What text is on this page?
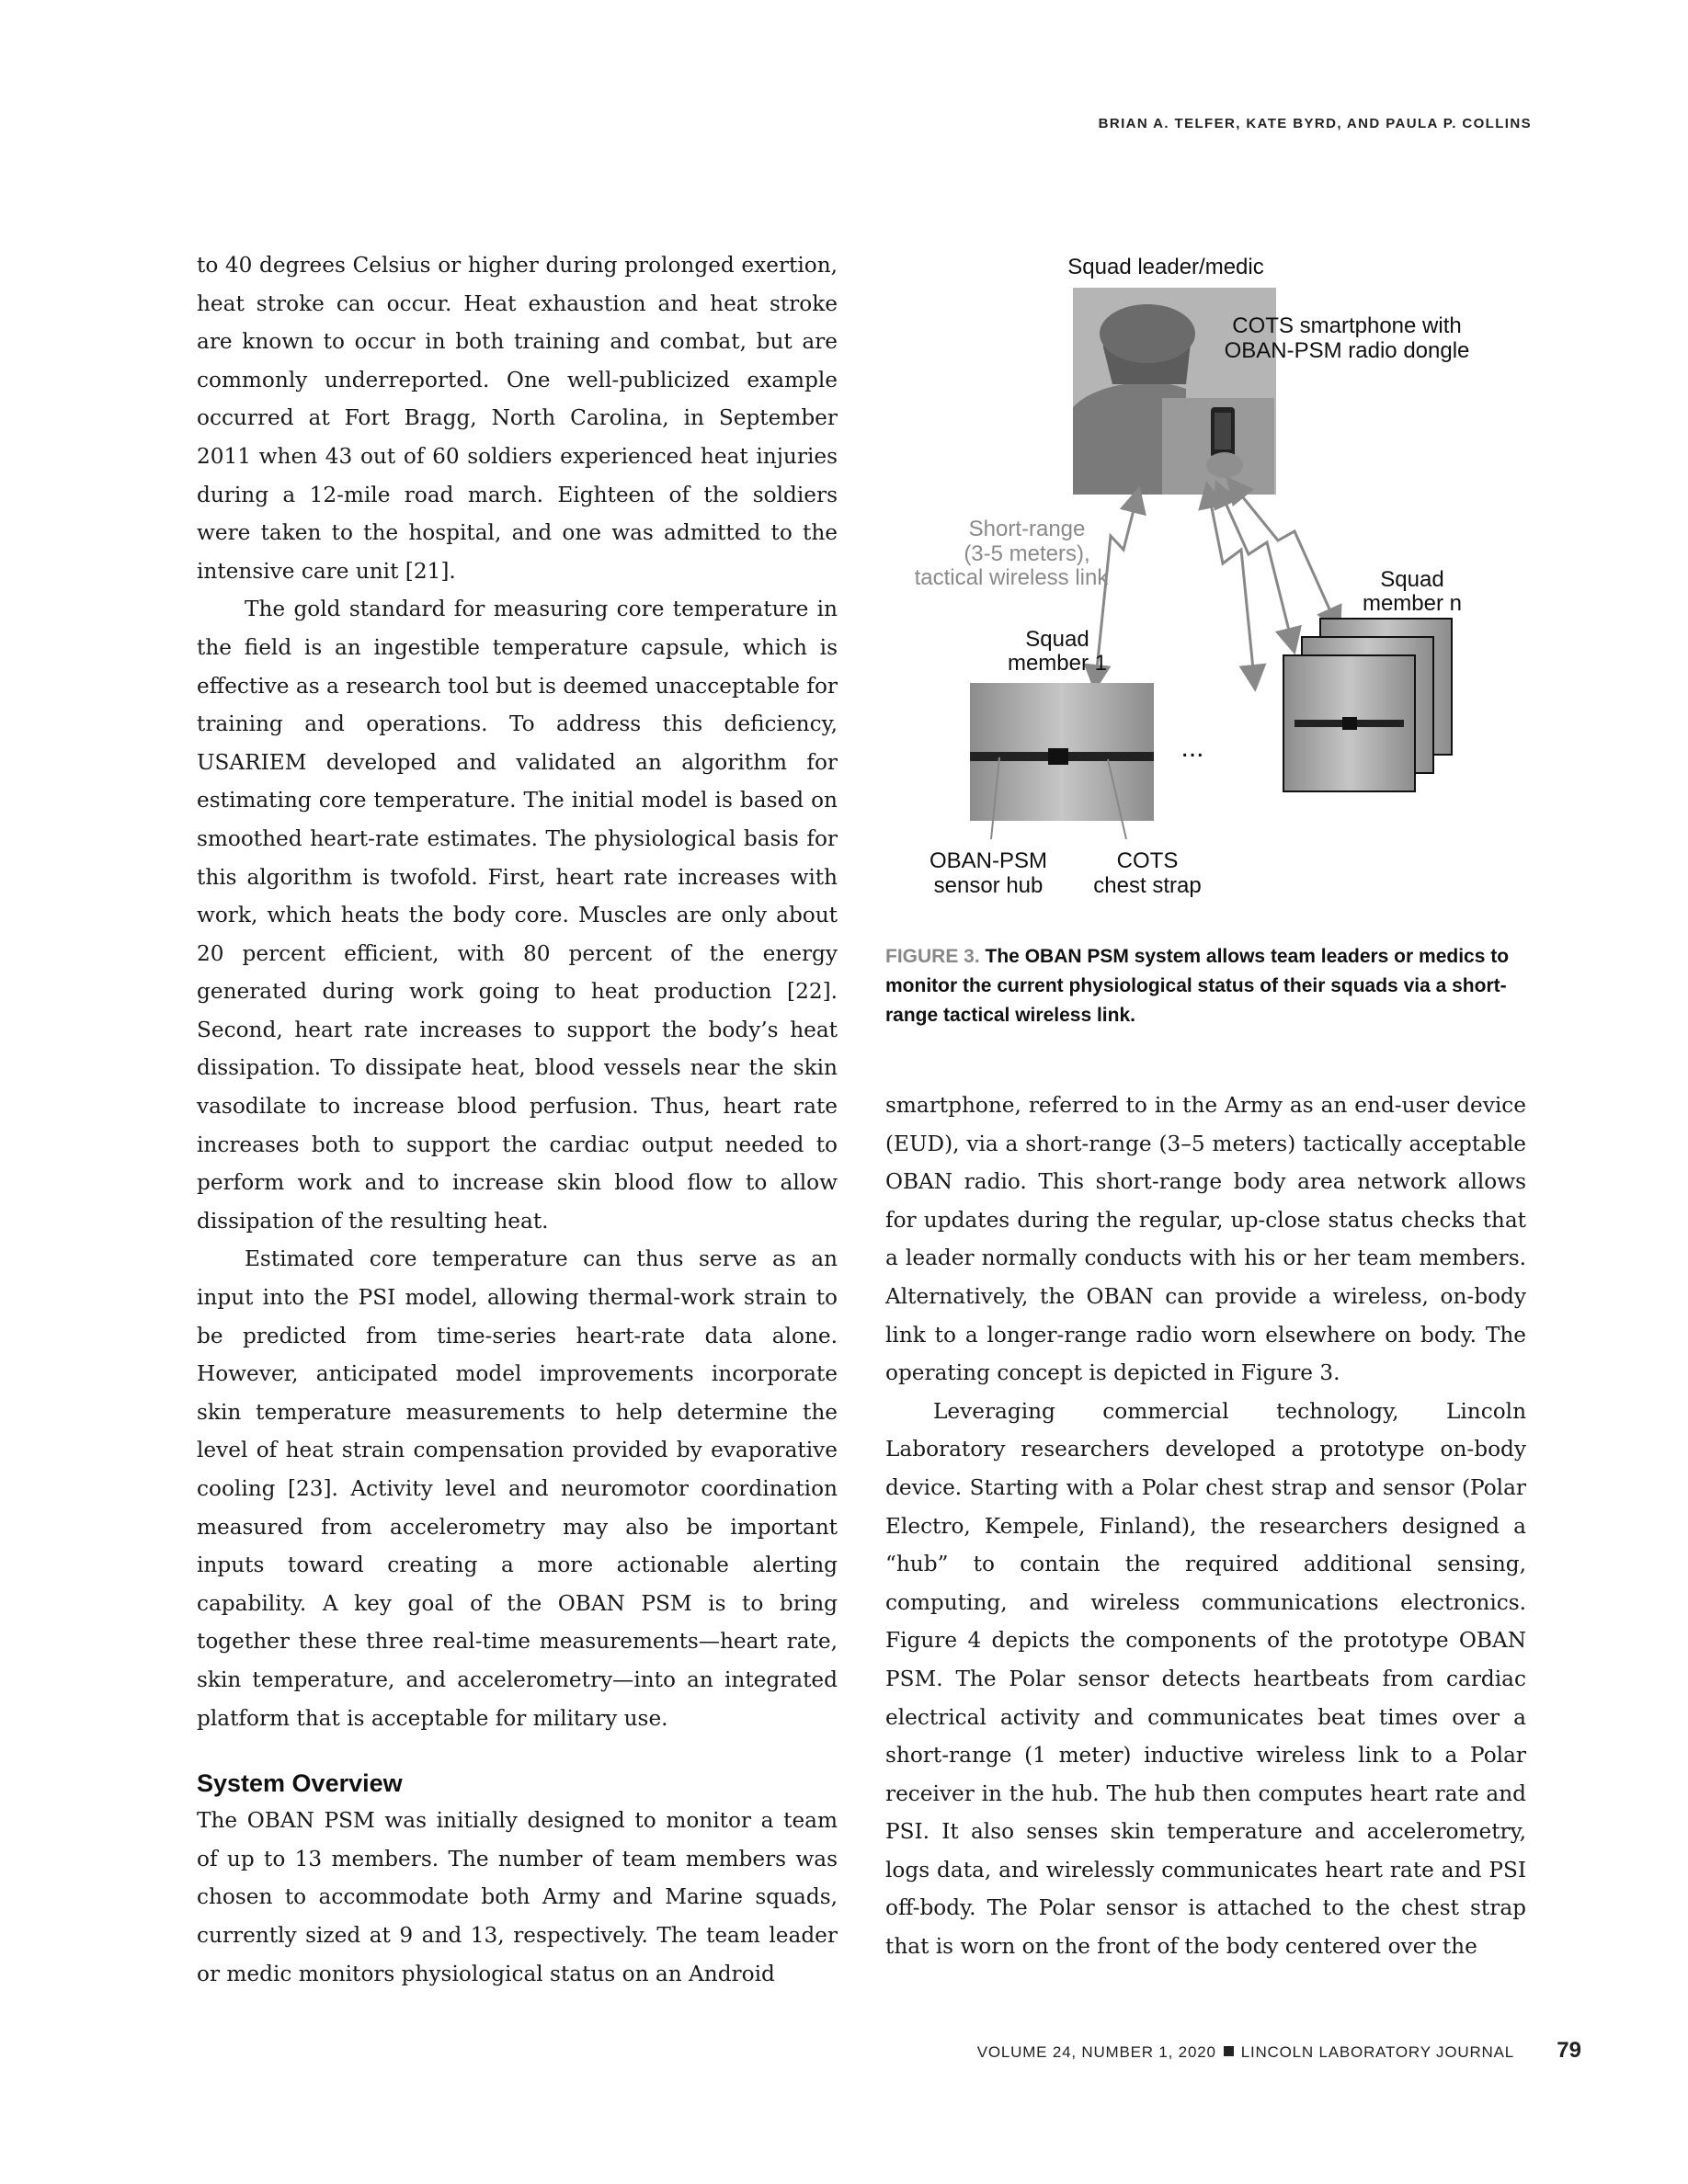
BRIAN A. TELFER, KATE BYRD, AND PAULA P. COLLINS

to 40 degrees Celsius or higher during prolonged exertion, heat stroke can occur. Heat exhaustion and heat stroke are known to occur in both training and combat, but are commonly underreported. One well-publicized example occurred at Fort Bragg, North Carolina, in September 2011 when 43 out of 60 soldiers experienced heat injuries during a 12-mile road march. Eighteen of the soldiers were taken to the hospital, and one was admitted to the intensive care unit [21].

The gold standard for measuring core temperature in the field is an ingestible temperature capsule, which is effective as a research tool but is deemed unacceptable for training and operations. To address this deficiency, USARIEM developed and validated an algorithm for estimating core temperature. The initial model is based on smoothed heart-rate estimates. The physiological basis for this algorithm is twofold. First, heart rate increases with work, which heats the body core. Muscles are only about 20 percent efficient, with 80 percent of the energy generated during work going to heat production [22]. Second, heart rate increases to support the body’s heat dissipation. To dissipate heat, blood vessels near the skin vasodilate to increase blood perfusion. Thus, heart rate increases both to support the cardiac output needed to perform work and to increase skin blood flow to allow dissipation of the resulting heat.

Estimated core temperature can thus serve as an input into the PSI model, allowing thermal-work strain to be predicted from time-series heart-rate data alone. However, anticipated model improvements incorporate skin temperature measurements to help determine the level of heat strain compensation provided by evaporative cooling [23]. Activity level and neuromotor coordination measured from accelerometry may also be important inputs toward creating a more actionable alerting capability. A key goal of the OBAN PSM is to bring together these three real-time measurements—heart rate, skin temperature, and accelerometry—into an integrated platform that is acceptable for military use.

System Overview

The OBAN PSM was initially designed to monitor a team of up to 13 members. The number of team members was chosen to accommodate both Army and Marine squads, currently sized at 9 and 13, respectively. The team leader or medic monitors physiological status on an Android

Squad leader/medic
COTS smartphone with
OBAN-PSM radio dongle
Short-range
(3-5 meters),
tactical wireless link	Squad
member n
Squad
member 1
...
OBAN-PSM
sensor hub
COTS
chest strap
FIGURE 3. The OBAN PSM system allows team leaders or medics to monitor the current physiological status of their squads via a short-range tactical wireless link.

smartphone, referred to in the Army as an end-user device (EUD), via a short-range (3–5 meters) tactically acceptable OBAN radio. This short-range body area network allows for updates during the regular, up-close status checks that a leader normally conducts with his or her team members. Alternatively, the OBAN can provide a wireless, on-body link to a longer-range radio worn elsewhere on body. The operating concept is depicted in Figure 3.

Leveraging commercial technology, Lincoln Laboratory researchers developed a prototype on-body device. Starting with a Polar chest strap and sensor (Polar Electro, Kempele, Finland), the researchers designed a “hub” to contain the required additional sensing, computing, and wireless communications electronics. Figure 4 depicts the components of the prototype OBAN PSM. The Polar sensor detects heartbeats from cardiac electrical activity and communicates beat times over a short-range (1 meter) inductive wireless link to a Polar receiver in the hub. The hub then computes heart rate and PSI. It also senses skin temperature and accelerometry, logs data, and wirelessly communicates heart rate and PSI off-body. The Polar sensor is attached to the chest strap that is worn on the front of the body centered over the

VOLUME 24, NUMBER 1, 2020 LINCOLN LABORATORY JOURNAL 79
